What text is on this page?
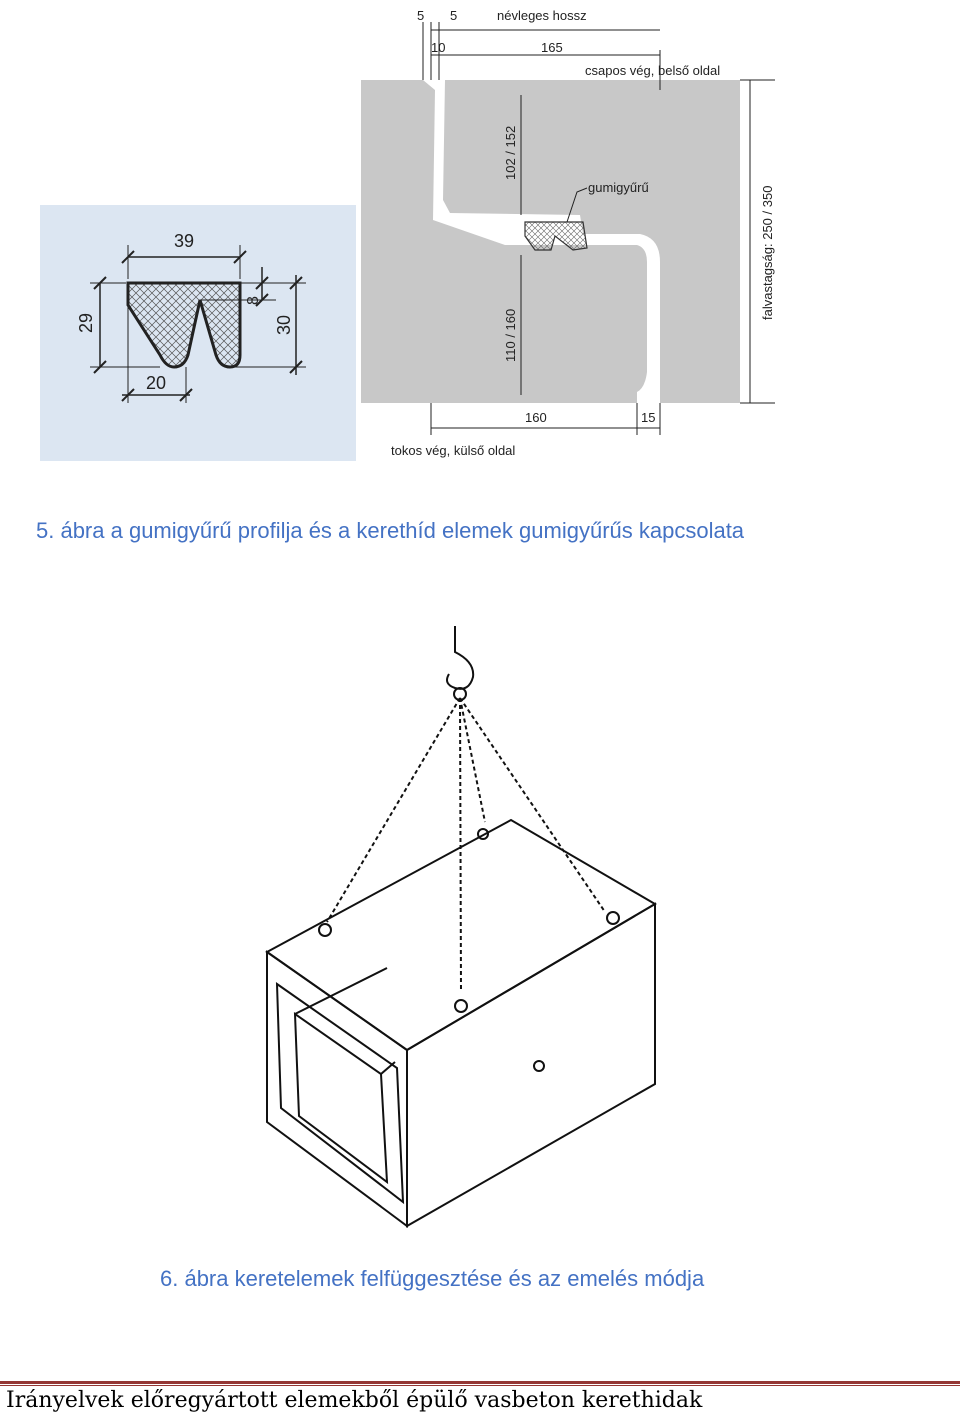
39
29
8
30
20
5 5	névleges hossz
10	165
csapos vég, belső oldal
102 / 152
110 / 160
gumigyűrű	falvastagság: 250 / 350
160	15
tokos vég, külső oldal
5. ábra a gumigyűrű profilja és a kerethíd elemek gumigyűrűs kapcsolata
6. ábra keretelemek felfüggesztése és az emelés módja
Irányelvek előregyártott elemekből épülő vasbeton kerethidak
